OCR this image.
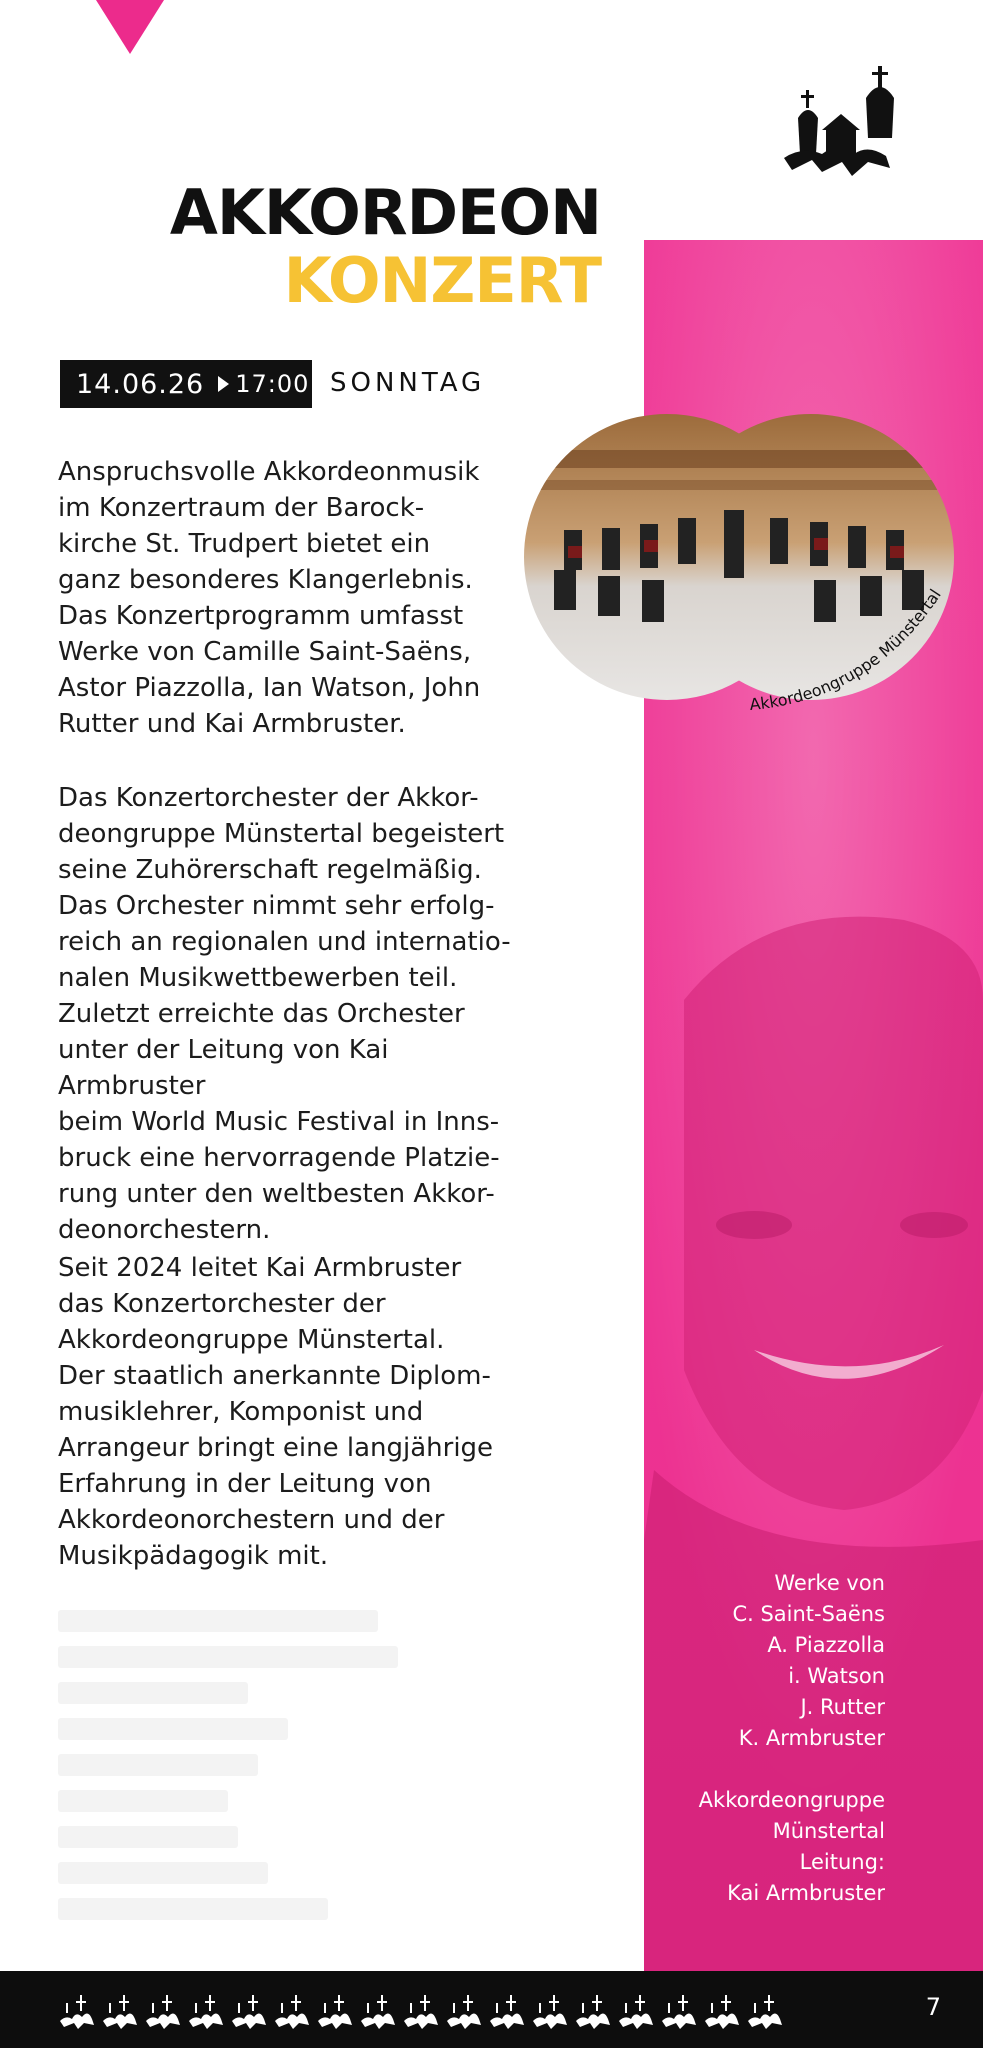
AKKORDEON
KONZERT
14.06.26 17:00 SONNTAG

Anspruchsvolle Akkordeonmusik
im Konzertraum der Barock-
kirche St. Trudpert bietet ein
ganz besonderes Klangerlebnis.
Das Konzertprogramm umfasst
Werke von Camille Saint-Saëns,
Astor Piazzolla, Ian Watson, John
Rutter und Kai Armbruster.

Das Konzertorchester der Akkor-
deongruppe Münstertal begeistert
seine Zuhörerschaft regelmäßig.
Das Orchester nimmt sehr erfolg-
reich an regionalen und internatio-
nalen Musikwettbewerben teil.
Zuletzt erreichte das Orchester
unter der Leitung von Kai Armbruster
beim World Music Festival in Inns-
bruck eine hervorragende Platzie-
rung unter den weltbesten Akkor-
deonorchestern.

Seit 2024 leitet Kai Armbruster
das Konzertorchester der
Akkordeongruppe Münstertal.
Der staatlich anerkannte Diplom-
musiklehrer, Komponist und
Arrangeur bringt eine langjährige
Erfahrung in der Leitung von
Akkordeonorchestern und der
Musikpädagogik mit.

Akkordeongruppe Münstertal
Werke von
C. Saint-Saëns
A. Piazzolla
i. Watson
J. Rutter
K. Armbruster

Akkordeongruppe
Münstertal
Leitung:
Kai Armbruster
7
